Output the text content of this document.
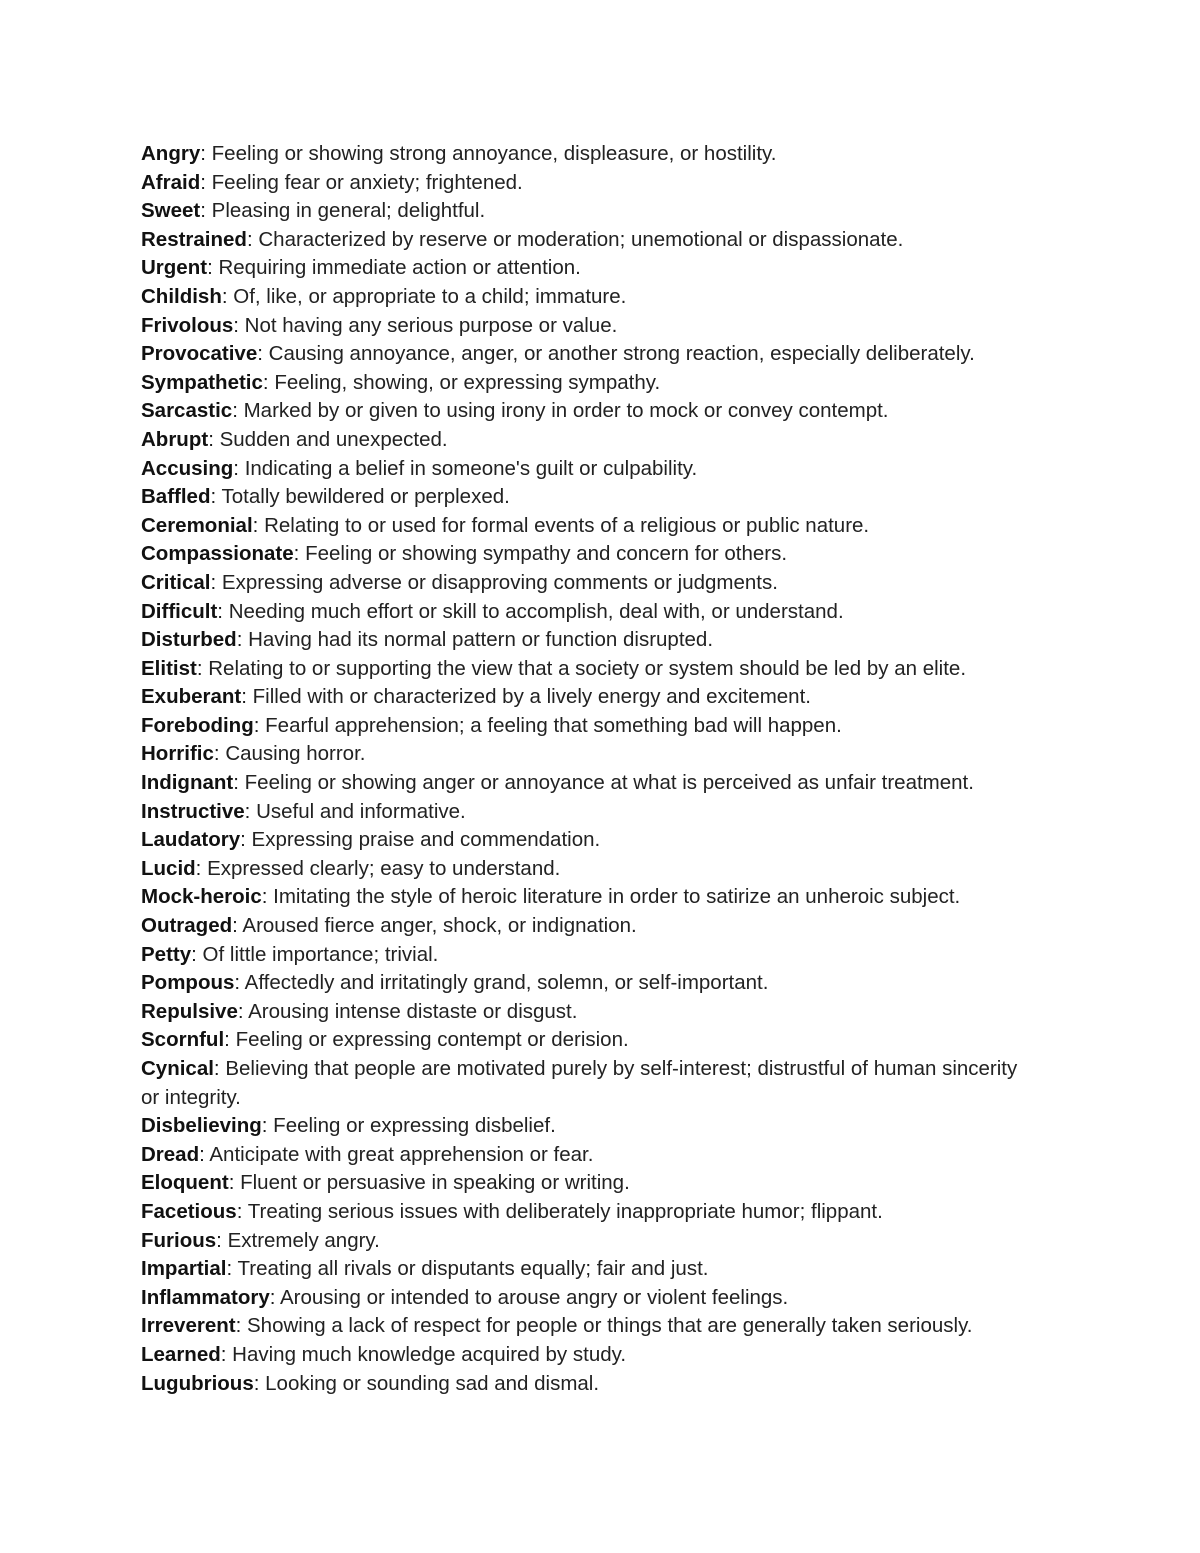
Angry: Feeling or showing strong annoyance, displeasure, or hostility.

Afraid: Feeling fear or anxiety; frightened.

Sweet: Pleasing in general; delightful.

Restrained: Characterized by reserve or moderation; unemotional or dispassionate.

Urgent: Requiring immediate action or attention.

Childish: Of, like, or appropriate to a child; immature.

Frivolous: Not having any serious purpose or value.

Provocative: Causing annoyance, anger, or another strong reaction, especially deliberately.

Sympathetic: Feeling, showing, or expressing sympathy.

Sarcastic: Marked by or given to using irony in order to mock or convey contempt.

Abrupt: Sudden and unexpected.

Accusing: Indicating a belief in someone's guilt or culpability.

Baffled: Totally bewildered or perplexed.

Ceremonial: Relating to or used for formal events of a religious or public nature.

Compassionate: Feeling or showing sympathy and concern for others.

Critical: Expressing adverse or disapproving comments or judgments.

Difficult: Needing much effort or skill to accomplish, deal with, or understand.

Disturbed: Having had its normal pattern or function disrupted.

Elitist: Relating to or supporting the view that a society or system should be led by an elite.

Exuberant: Filled with or characterized by a lively energy and excitement.

Foreboding: Fearful apprehension; a feeling that something bad will happen.

Horrific: Causing horror.

Indignant: Feeling or showing anger or annoyance at what is perceived as unfair treatment.

Instructive: Useful and informative.

Laudatory: Expressing praise and commendation.

Lucid: Expressed clearly; easy to understand.

Mock-heroic: Imitating the style of heroic literature in order to satirize an unheroic subject.

Outraged: Aroused fierce anger, shock, or indignation.

Petty: Of little importance; trivial.

Pompous: Affectedly and irritatingly grand, solemn, or self-important.

Repulsive: Arousing intense distaste or disgust.

Scornful: Feeling or expressing contempt or derision.

Cynical: Believing that people are motivated purely by self-interest; distrustful of human sincerity or integrity.

Disbelieving: Feeling or expressing disbelief.

Dread: Anticipate with great apprehension or fear.

Eloquent: Fluent or persuasive in speaking or writing.

Facetious: Treating serious issues with deliberately inappropriate humor; flippant.

Furious: Extremely angry.

Impartial: Treating all rivals or disputants equally; fair and just.

Inflammatory: Arousing or intended to arouse angry or violent feelings.

Irreverent: Showing a lack of respect for people or things that are generally taken seriously.

Learned: Having much knowledge acquired by study.

Lugubrious: Looking or sounding sad and dismal.
